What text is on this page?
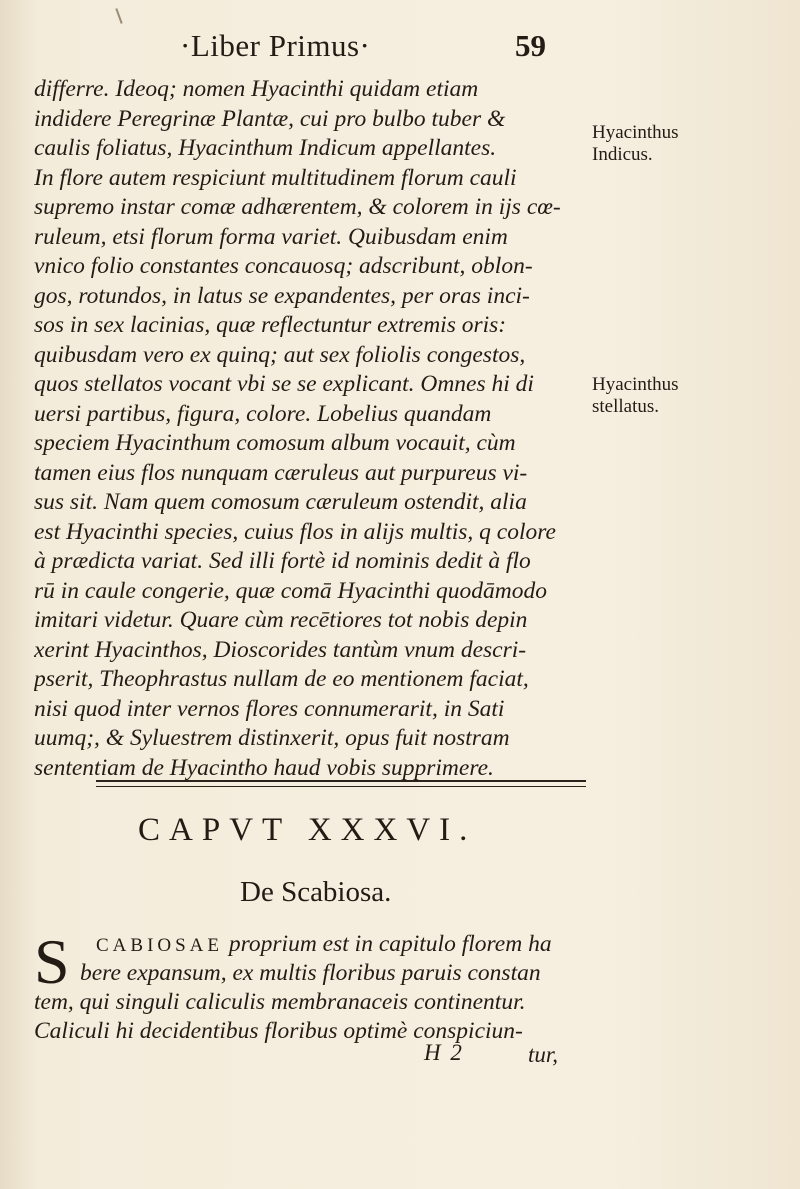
·Liber Primus·	59
differre. Ideoq; nomen Hyacinthi quidam etiam
indidere Peregrinæ Plantæ, cui pro bulbo tuber &
caulis foliatus, Hyacinthum Indicum appellantes.
In flore autem respiciunt multitudinem florum cauli
supremo instar comæ adhærentem, & colorem in ijs cœ-
ruleum, etsi florum forma variet. Quibusdam enim
vnico folio constantes concauosq; adscribunt, oblon-
gos, rotundos, in latus se expandentes, per oras inci-
sos in sex lacinias, quæ reflectuntur extremis oris:
quibusdam vero ex quinq; aut sex foliolis congestos,
quos stellatos vocant vbi se se explicant. Omnes hi di
uersi partibus, figura, colore. Lobelius quandam
speciem Hyacinthum comosum album vocauit, cùm
tamen eius flos nunquam cæruleus aut purpureus vi-
sus sit. Nam quem comosum cæruleum ostendit, alia
est Hyacinthi species, cuius flos in alijs multis, q colore
à prædicta variat. Sed illi fortè id nominis dedit à flo
rū in caule congerie, quæ comā Hyacinthi quodāmodo
imitari videtur. Quare cùm recētiores tot nobis depin
xerint Hyacinthos, Dioscorides tantùm vnum descri-
pserit, Theophrastus nullam de eo mentionem faciat,
nisi quod inter vernos flores connumerarit, in Sati
uumq;, & Syluestrem distinxerit, opus fuit nostram
sententiam de Hyacintho haud vobis supprimere.
Hyacinthus
Indicus.
Hyacinthus
stellatus.
CAPVT XXXVI.
De Scabiosa.
CABIOSAE proprium est in capitulo florem ha
bere expansum, ex multis floribus paruis constan
tem, qui singuli caliculis membranaceis continentur.
Caliculi hi decidentibus floribus optimè conspiciun-
S
H 2	tur,
